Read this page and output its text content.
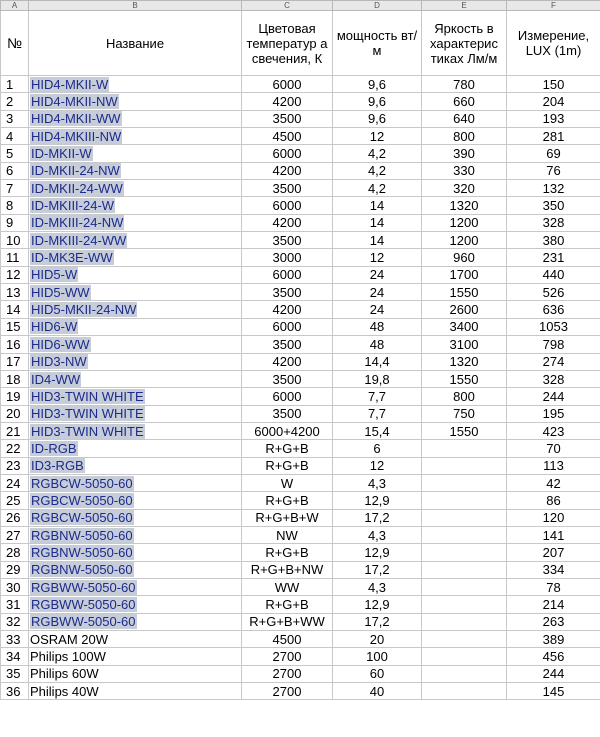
A	B	C	D	E	F
№	Название	Цветовая температур а свечения, К	мощность вт/м	Яркость в характерис тиках Лм/м	Измерение, LUX (1m)
1	HID4-MKII-W	6000	9,6	780	150
2	HID4-MKII-NW	4200	9,6	660	204
3	HID4-MKII-WW	3500	9,6	640	193
4	HID4-MKIII-NW	4500	12	800	281
5	ID-MKII-W	6000	4,2	390	69
6	ID-MKII-24-NW	4200	4,2	330	76
7	ID-MKII-24-WW	3500	4,2	320	132
8	ID-MKIII-24-W	6000	14	1320	350
9	ID-MKIII-24-NW	4200	14	1200	328
10	ID-MKIII-24-WW	3500	14	1200	380
11	ID-MK3E-WW	3000	12	960	231
12	HID5-W	6000	24	1700	440
13	HID5-WW	3500	24	1550	526
14	HID5-MKII-24-NW	4200	24	2600	636
15	HID6-W	6000	48	3400	1053
16	HID6-WW	3500	48	3100	798
17	HID3-NW	4200	14,4	1320	274
18	ID4-WW	3500	19,8	1550	328
19	HID3-TWIN WHITE	6000	7,7	800	244
20	HID3-TWIN WHITE	3500	7,7	750	195
21	HID3-TWIN WHITE	6000+4200	15,4	1550	423
22	ID-RGB	R+G+B	6		70
23	ID3-RGB	R+G+B	12		113
24	RGBCW-5050-60	W	4,3		42
25	RGBCW-5050-60	R+G+B	12,9		86
26	RGBCW-5050-60	R+G+B+W	17,2		120
27	RGBNW-5050-60	NW	4,3		141
28	RGBNW-5050-60	R+G+B	12,9		207
29	RGBNW-5050-60	R+G+B+NW	17,2		334
30	RGBWW-5050-60	WW	4,3		78
31	RGBWW-5050-60	R+G+B	12,9		214
32	RGBWW-5050-60	R+G+B+WW	17,2		263
33	OSRAM 20W	4500	20		389
34	Philips 100W	2700	100		456
35	Philips 60W	2700	60		244
36	Philips 40W	2700	40		145
